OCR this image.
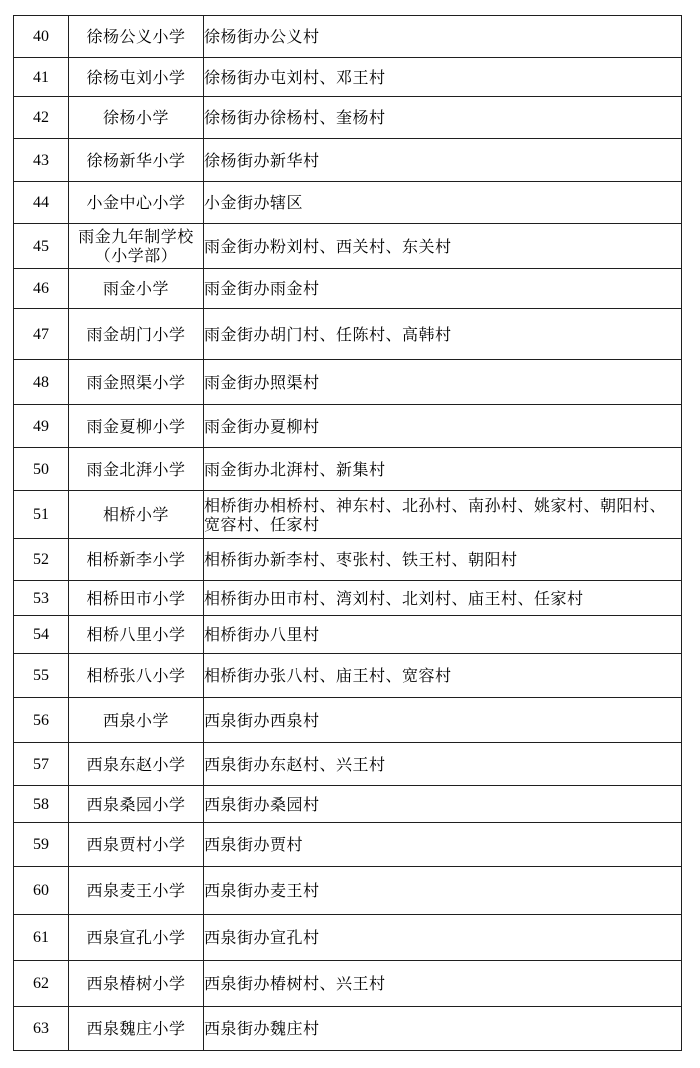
40	徐杨公义小学	徐杨街办公义村
41	徐杨屯刘小学	徐杨街办屯刘村、邓王村
42	徐杨小学	徐杨街办徐杨村、奎杨村
43	徐杨新华小学	徐杨街办新华村
44	小金中心小学	小金街办辖区
45	雨金九年制学校（小学部）	雨金街办粉刘村、西关村、东关村
46	雨金小学	雨金街办雨金村
47	雨金胡门小学	雨金街办胡门村、任陈村、高韩村
48	雨金照渠小学	雨金街办照渠村
49	雨金夏柳小学	雨金街办夏柳村
50	雨金北湃小学	雨金街办北湃村、新集村
51	相桥小学	相桥街办相桥村、神东村、北孙村、南孙村、姚家村、朝阳村、宽容村、任家村
52	相桥新李小学	相桥街办新李村、枣张村、铁王村、朝阳村
53	相桥田市小学	相桥街办田市村、湾刘村、北刘村、庙王村、任家村
54	相桥八里小学	相桥街办八里村
55	相桥张八小学	相桥街办张八村、庙王村、宽容村
56	西泉小学	西泉街办西泉村
57	西泉东赵小学	西泉街办东赵村、兴王村
58	西泉桑园小学	西泉街办桑园村
59	西泉贾村小学	西泉街办贾村
60	西泉麦王小学	西泉街办麦王村
61	西泉宣孔小学	西泉街办宣孔村
62	西泉椿树小学	西泉街办椿树村、兴王村
63	西泉魏庄小学	西泉街办魏庄村
